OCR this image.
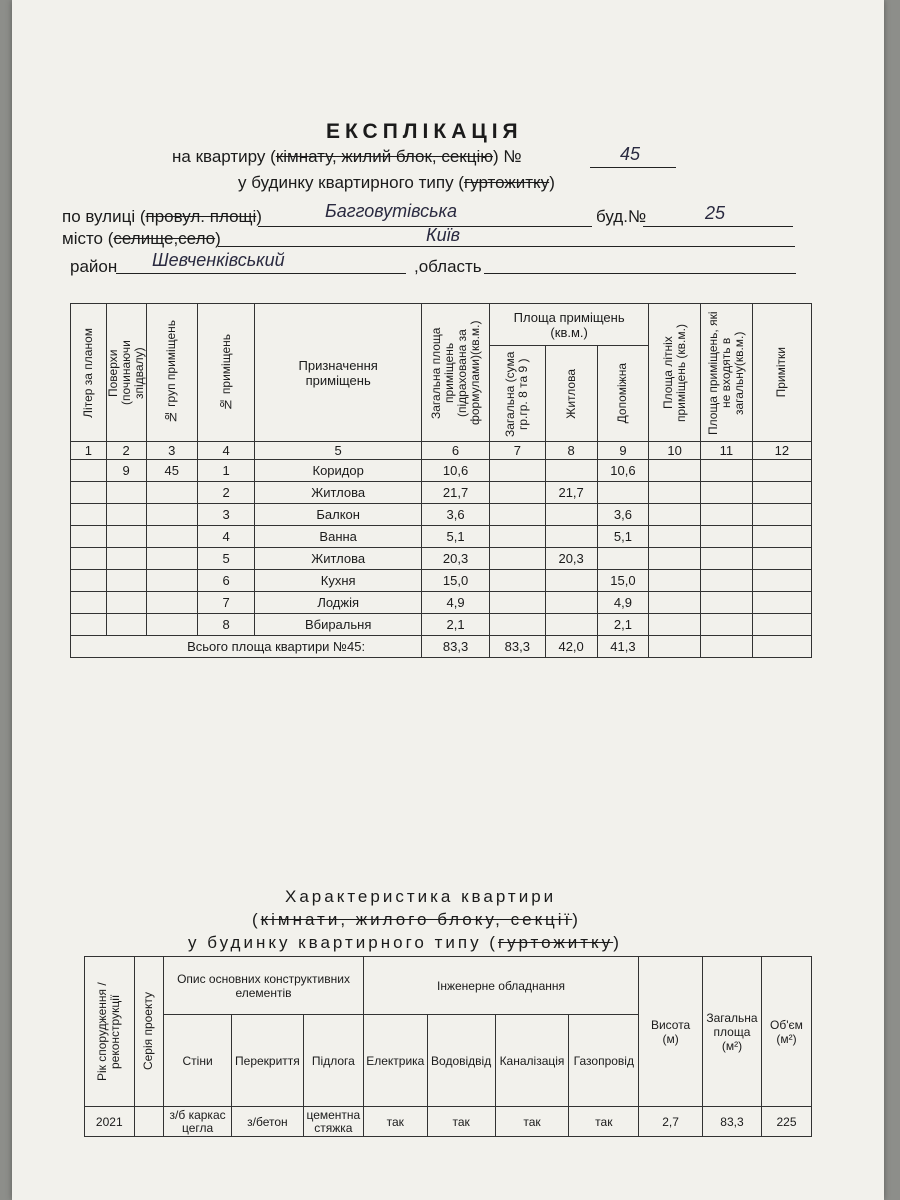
ЕКСПЛІКАЦІЯ
на квартиру (кімнату, жилий блок, секцію) №	45
у будинку квартирного типу (гуртожитку)
по вулиці (провул. площі)	Багговутівська	буд.№	25
місто (селище,село)	Київ
район Шевченківський	,область
Літер за планом	Поверхи (починаючи зпідвалу)	№ груп приміщень	№ приміщень	Призначення приміщень	Загальна площа приміщень (підрахована за формулами)(кв.м.)	Площа приміщень (кв.м.)			Площа літніх приміщень (кв.м.)	Площа приміщень, які не входять в загальну(кв.м.)	Примітки

						Загальна (сума гр.гр. 8 та 9 )	Житлова	Допоміжна			

1	2	3	4	5	6	7	8	9	10	11	12
	9	45	1	Коридор	10,6			10,6			
			2	Житлова	21,7		21,7				
			3	Балкон	3,6			3,6			
			4	Ванна	5,1			5,1			
			5	Житлова	20,3		20,3				
			6	Кухня	15,0			15,0			
			7	Лоджія	4,9			4,9			
			8	Вбиральня	2,1			2,1			
Всього площа квартири №45:					83,3	83,3	42,0	41,3			
Характеристика квартири
(кімнати, жилого блоку, секції)
у будинку квартирного типу (гуртожитку)
Рік спорудження /реконструкції	Серія проекту	Опис основних конструктивних елементів			Інженерне обладнання				Висота (м)	Загальна площа (м²)	Об'єм (м²)

		Стіни	Перекриття	Підлога	Електрика	Водовідвід	Каналізація	Газопровід			
2021		з/б каркас цегла	з/бетон	цементна стяжка	так	так	так	так	2,7	83,3	225
